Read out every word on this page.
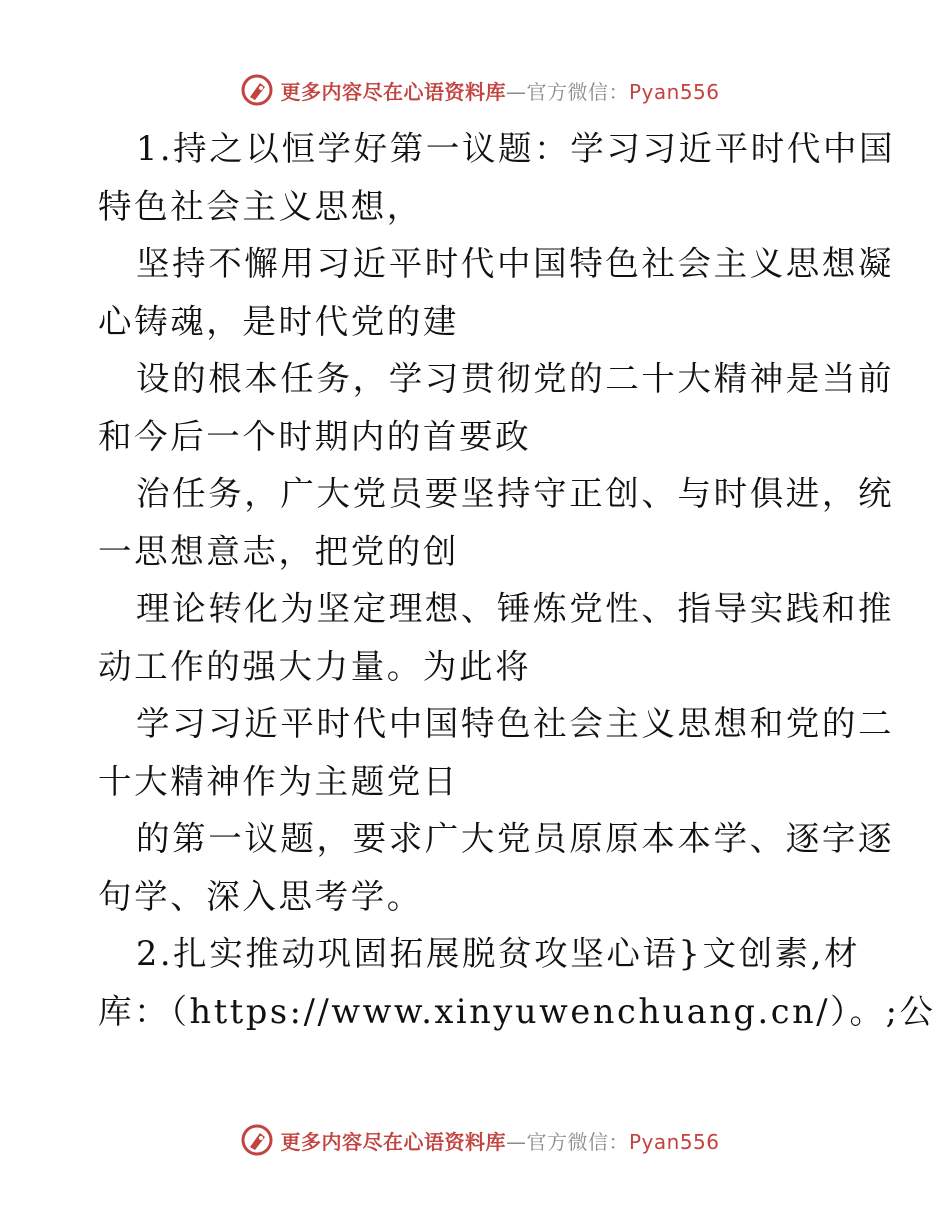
更多内容尽在心语资料库—官方微信：Pyan556
1.持之以恒学好第一议题：学习习近平时代中国
特色社会主义思想，
坚持不懈用习近平时代中国特色社会主义思想凝
心铸魂，是时代党的建
设的根本任务，学习贯彻党的二十大精神是当前
和今后一个时期内的首要政
治任务，广大党员要坚持守正创、与时俱进，统
一思想意志，把党的创
理论转化为坚定理想、锤炼党性、指导实践和推
动工作的强大力量。为此将
学习习近平时代中国特色社会主义思想和党的二
十大精神作为主题党日
的第一议题，要求广大党员原原本本学、逐字逐
句学、深入思考学。
2.扎实推动巩固拓展脱贫攻坚心语}文创素,材
库：（https://www.xinyuwenchuang.cn/）。;公
更多内容尽在心语资料库—官方微信：Pyan556
